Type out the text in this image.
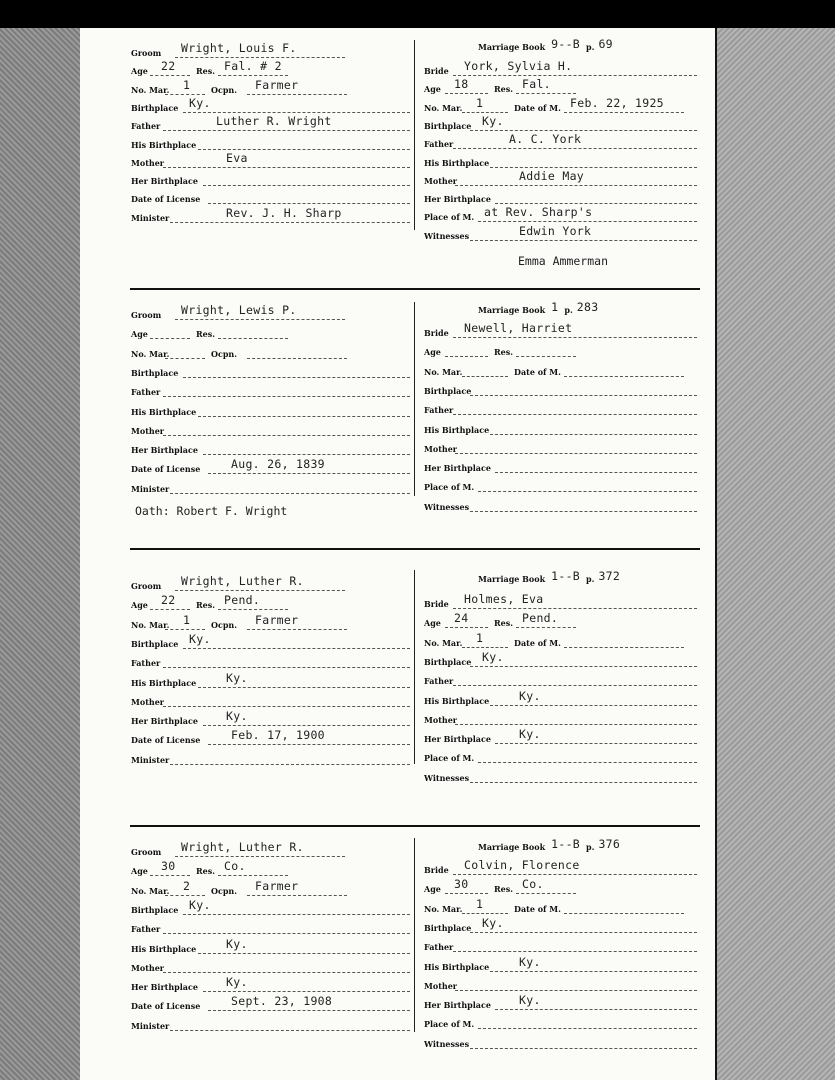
Marriage Book 9--B p. 69
Groom Wright, Louis F.
Age 22	Res. Fal. # 2
No. Mar. 1	Ocpn. Farmer
Birthplace Ky.
Father	Luther R. Wright
His Birthplace
Mother	Eva
Her Birthplace
Date of License
Minister	Rev. J. H. Sharp
Bride York, Sylvia H.
Age 18	Res. Fal.
No. Mar. 1	Date of M. Feb. 22, 1925
Birthplace Ky.
Father	A. C. York
His Birthplace
Mother	Addie May
Her Birthplace
Place of M. at Rev. Sharp's
Witnesses	Edwin York
Emma Ammerman
Marriage Book 1 p. 283
Groom Wright, Lewis P.
Age	Res.
No. Mar.	Ocpn.
Birthplace
Father
His Birthplace
Mother
Her Birthplace
Date of License	Aug. 26, 1839
Minister
Bride Newell, Harriet
Age	Res.
No. Mar.	Date of M.
Birthplace
Father
His Birthplace
Mother
Her Birthplace
Place of M.
Witnesses
Oath: Robert F. Wright
Marriage Book 1--B p. 372
Groom Wright, Luther R.
Age 22	Res. Pend.
No. Mar. 1	Ocpn. Farmer
Birthplace Ky.
Father
His Birthplace	Ky.
Mother
Her Birthplace Ky.
Date of License	Feb. 17, 1900
Minister
Bride Holmes, Eva
Age 24	Res. Pend.
No. Mar. 1	Date of M.
Birthplace Ky.
Father
His Birthplace	Ky.
Mother
Her Birthplace Ky.
Place of M.
Witnesses
Marriage Book 1--B p. 376
Groom Wright, Luther R.
Age 30	Res. Co.
No. Mar. 2	Ocpn. Farmer
Birthplace Ky.
Father
His Birthplace	Ky.
Mother
Her Birthplace Ky.
Date of License	Sept. 23, 1908
Minister
Bride Colvin, Florence
Age 30	Res. Co.
No. Mar. 1	Date of M.
Birthplace Ky.
Father
His Birthplace	Ky.
Mother
Her Birthplace Ky.
Place of M.
Witnesses
